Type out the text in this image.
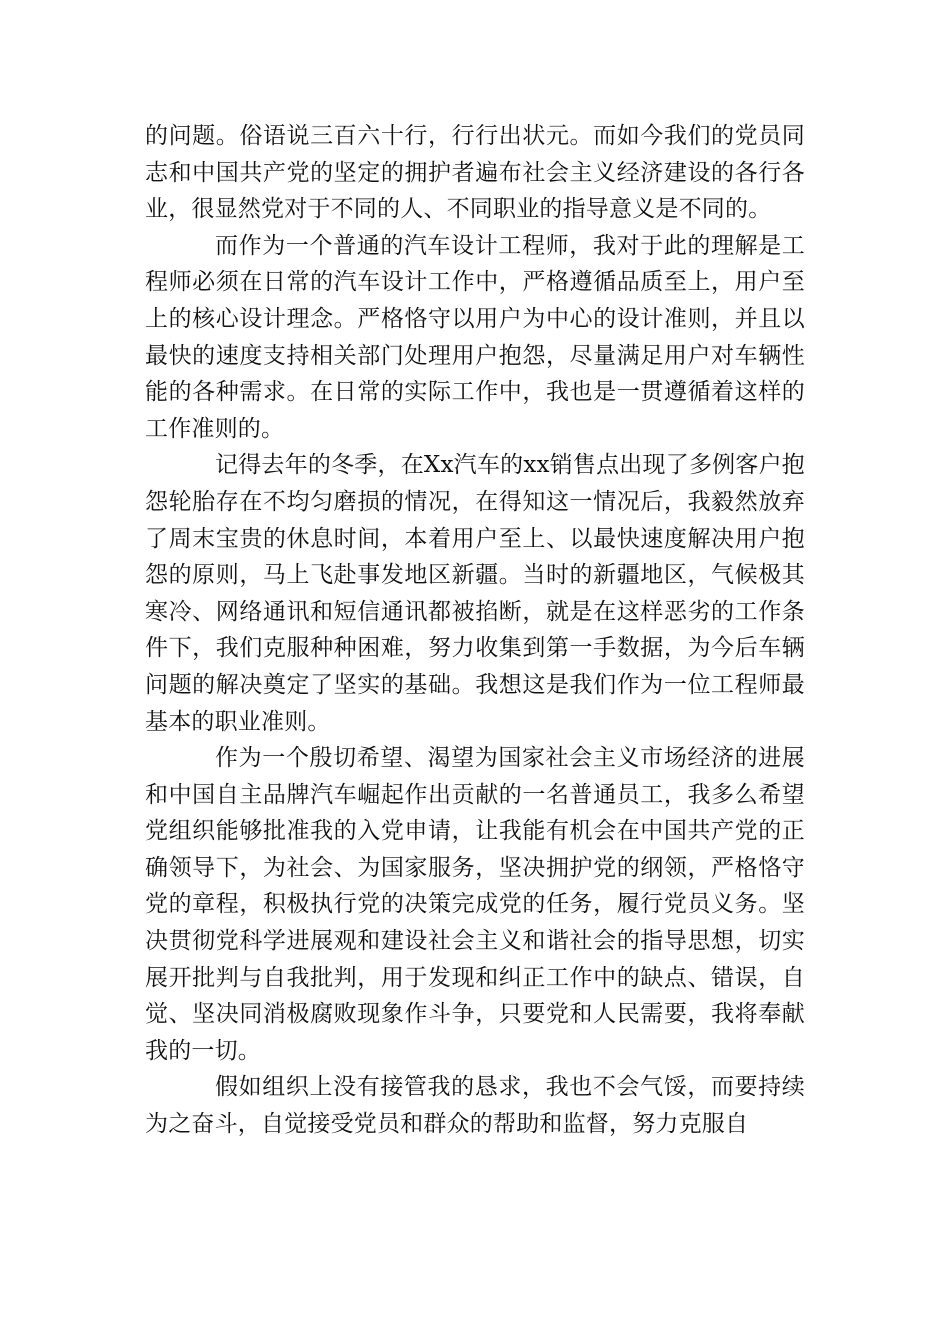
的问题。俗语说三百六十行，行行出状元。而如今我们的党员同志和中国共产党的坚定的拥护者遍布社会主义经济建设的各行各业，很显然党对于不同的人、不同职业的指导意义是不同的。

而作为一个普通的汽车设计工程师，我对于此的理解是工程师必须在日常的汽车设计工作中，严格遵循品质至上，用户至上的核心设计理念。严格恪守以用户为中心的设计准则，并且以最快的速度支持相关部门处理用户抱怨，尽量满足用户对车辆性能的各种需求。在日常的实际工作中，我也是一贯遵循着这样的工作准则的。

记得去年的冬季，在Xx汽车的xx销售点出现了多例客户抱怨轮胎存在不均匀磨损的情况，在得知这一情况后，我毅然放弃了周末宝贵的休息时间，本着用户至上、以最快速度解决用户抱怨的原则，马上飞赴事发地区新疆。当时的新疆地区，气候极其寒冷、网络通讯和短信通讯都被掐断，就是在这样恶劣的工作条件下，我们克服种种困难，努力收集到第一手数据，为今后车辆问题的解决奠定了坚实的基础。我想这是我们作为一位工程师最基本的职业准则。

作为一个殷切希望、渴望为国家社会主义市场经济的进展和中国自主品牌汽车崛起作出贡献的一名普通员工，我多么希望党组织能够批准我的入党申请，让我能有机会在中国共产党的正确领导下，为社会、为国家服务，坚决拥护党的纲领，严格恪守党的章程，积极执行党的决策完成党的任务，履行党员义务。坚决贯彻党科学进展观和建设社会主义和谐社会的指导思想，切实展开批判与自我批判，用于发现和纠正工作中的缺点、错误，自觉、坚决同消极腐败现象作斗争，只要党和人民需要，我将奉献我的一切。

假如组织上没有接管我的恳求，我也不会气馁，而要持续为之奋斗，自觉接受党员和群众的帮助和监督，努力克服自
